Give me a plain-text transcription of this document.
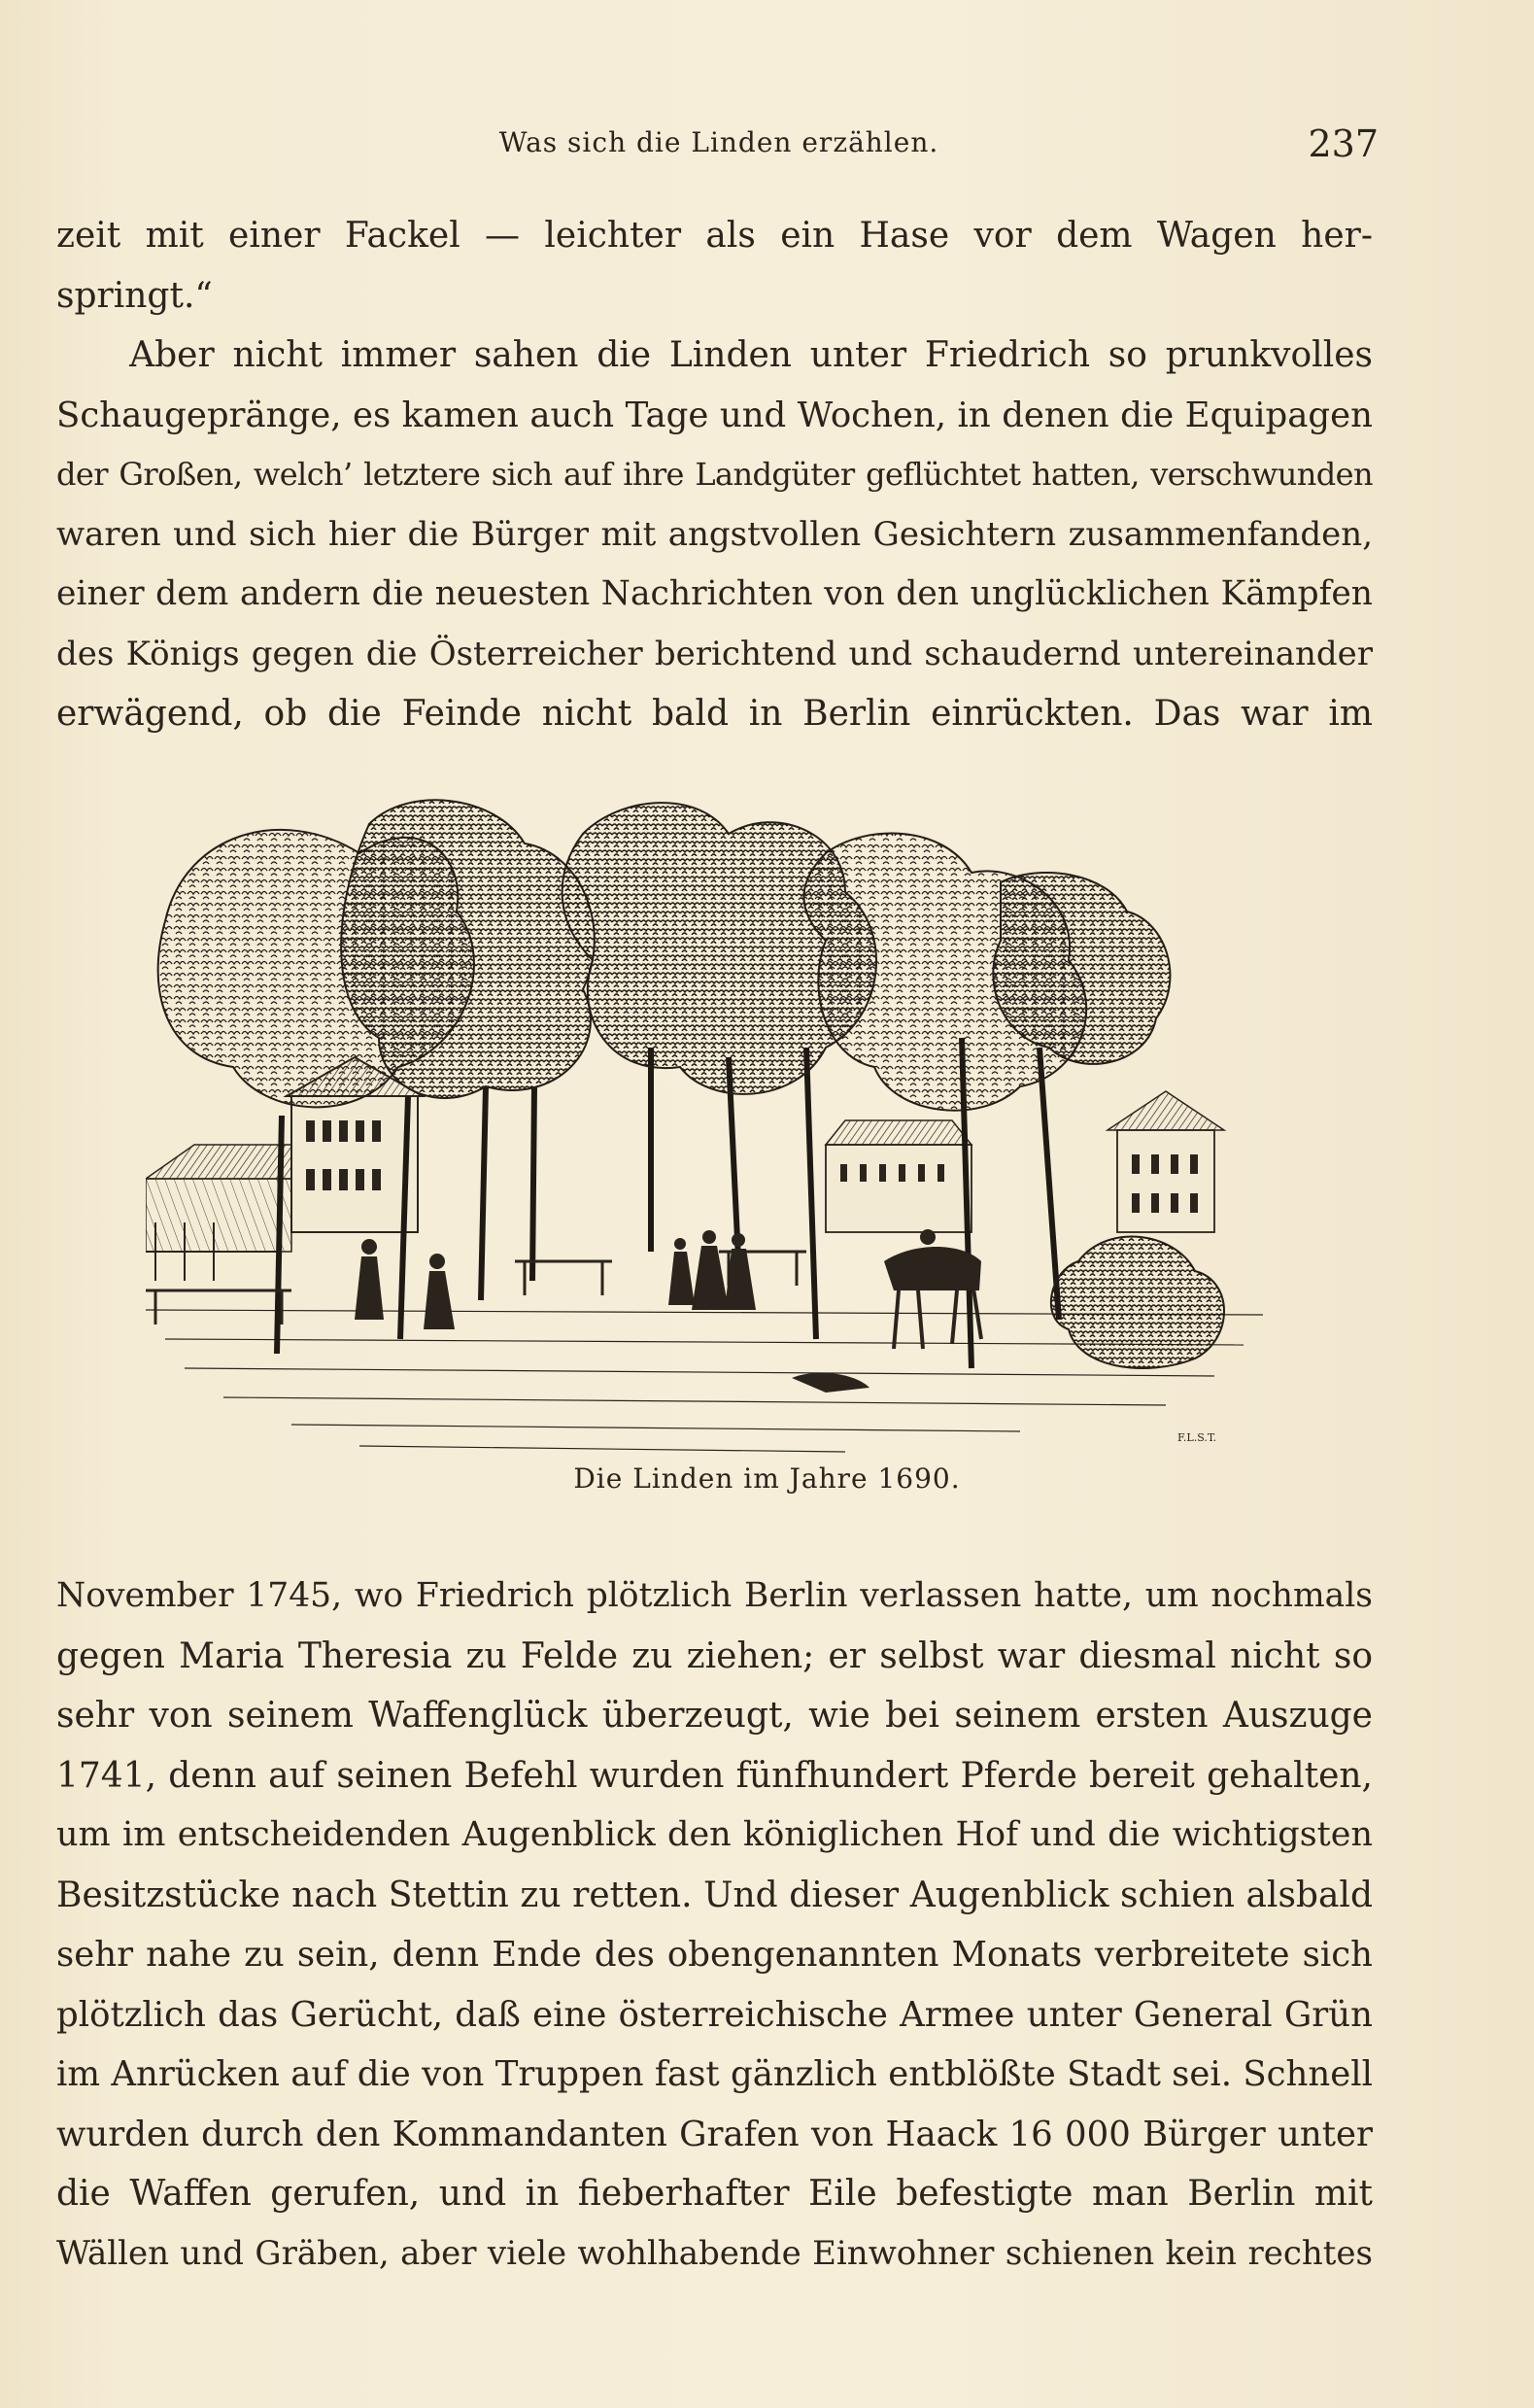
Was sich die Linden erzählen.	237
zeit mit einer Fackel — leichter als ein Hase vor dem Wagen her-
springt.“
Aber nicht immer sahen die Linden unter Friedrich so prunkvolles
Schaugepränge, es kamen auch Tage und Wochen, in denen die Equipagen
der Großen, welch’ letztere sich auf ihre Landgüter geflüchtet hatten, verschwunden
waren und sich hier die Bürger mit angstvollen Gesichtern zusammenfanden,
einer dem andern die neuesten Nachrichten von den unglücklichen Kämpfen
des Königs gegen die Österreicher berichtend und schaudernd untereinander
erwägend, ob die Feinde nicht bald in Berlin einrückten. Das war im
F.L.S.T.
Die Linden im Jahre 1690.
November 1745, wo Friedrich plötzlich Berlin verlassen hatte, um nochmals
gegen Maria Theresia zu Felde zu ziehen; er selbst war diesmal nicht so
sehr von seinem Waffenglück überzeugt, wie bei seinem ersten Auszuge
1741, denn auf seinen Befehl wurden fünfhundert Pferde bereit gehalten,
um im entscheidenden Augenblick den königlichen Hof und die wichtigsten
Besitzstücke nach Stettin zu retten. Und dieser Augenblick schien alsbald
sehr nahe zu sein, denn Ende des obengenannten Monats verbreitete sich
plötzlich das Gerücht, daß eine österreichische Armee unter General Grün
im Anrücken auf die von Truppen fast gänzlich entblößte Stadt sei. Schnell
wurden durch den Kommandanten Grafen von Haack 16 000 Bürger unter
die Waffen gerufen, und in fieberhafter Eile befestigte man Berlin mit
Wällen und Gräben, aber viele wohlhabende Einwohner schienen kein rechtes
